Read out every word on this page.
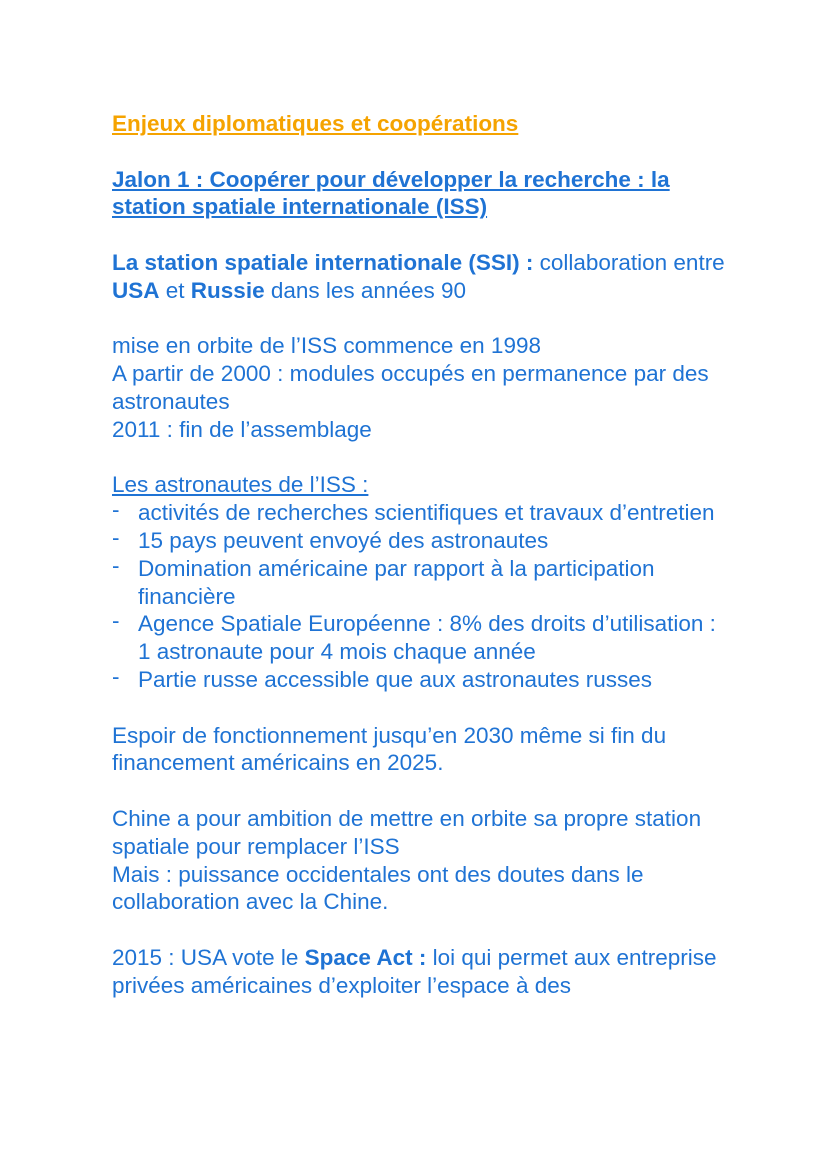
Enjeux diplomatiques et coopérations

Jalon 1 : Coopérer pour développer la recherche : la station spatiale internationale (ISS)

La station spatiale internationale (SSI) : collaboration entre USA et Russie dans les années 90

mise en orbite de l’ISS commence en 1998

A partir de 2000 : modules occupés en permanence par des astronautes

2011 : fin de l’assemblage

Les astronautes de l’ISS :

- activités de recherches scientifiques et travaux d’entretien
- 15 pays peuvent envoyé des astronautes
- Domination américaine par rapport à la participation financière
- Agence Spatiale Européenne : 8% des droits d’utilisation : 1 astronaute pour 4 mois chaque année
- Partie russe accessible que aux astronautes russes

Espoir de fonctionnement jusqu’en 2030 même si fin du financement américains en 2025.

Chine a pour ambition de mettre en orbite sa propre station spatiale pour remplacer l’ISS

Mais : puissance occidentales ont des doutes dans le collaboration avec la Chine.

2015 : USA vote le Space Act : loi qui permet aux entreprise privées américaines d’exploiter l’espace à des
